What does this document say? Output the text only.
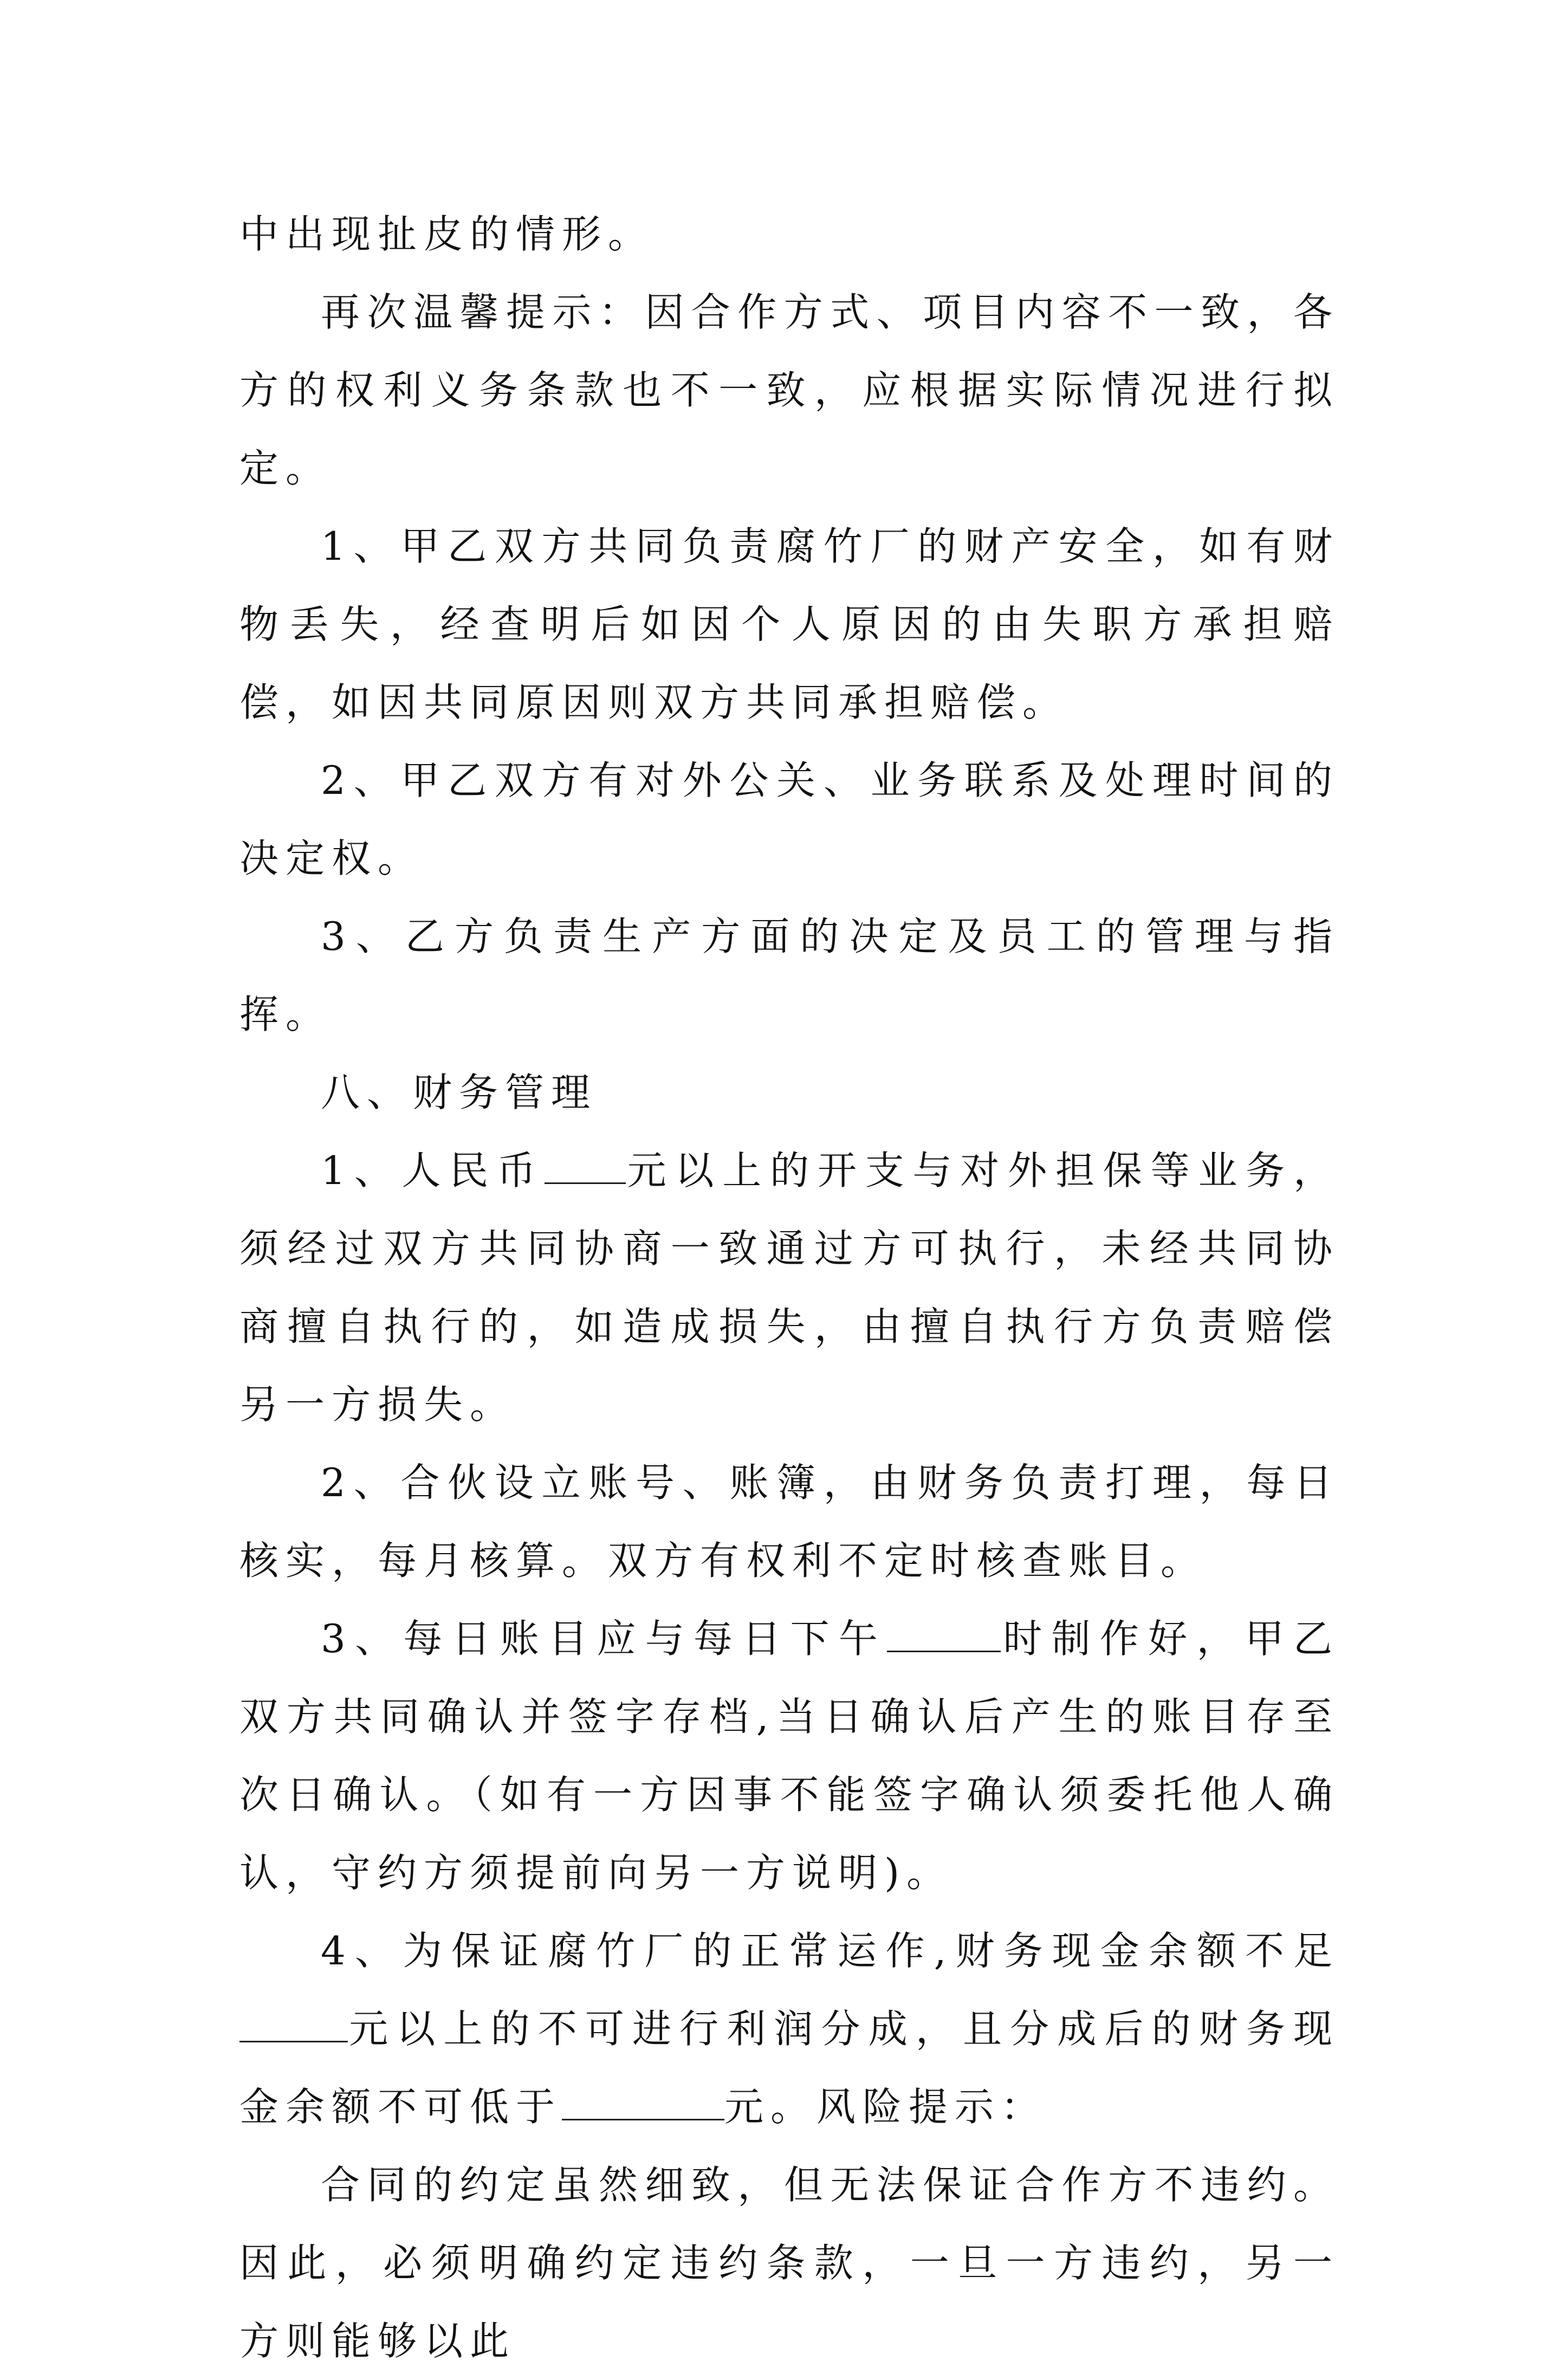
中出现扯皮的情形。

再次温馨提示：因合作方式、项目内容不一致，各方的权利义务条款也不一致，应根据实际情况进行拟定。

1、甲乙双方共同负责腐竹厂的财产安全，如有财物丢失，经查明后如因个人原因的由失职方承担赔偿，如因共同原因则双方共同承担赔偿。

2、甲乙双方有对外公关、业务联系及处理时间的决定权。

3、乙方负责生产方面的决定及员工的管理与指挥。

八、财务管理

1、人民币 元以上的开支与对外担保等业务，须经过双方共同协商一致通过方可执行，未经共同协商擅自执行的，如造成损失，由擅自执行方负责赔偿另一方损失。

2、合伙设立账号、账簿，由财务负责打理，每日核实，每月核算。双方有权利不定时核查账目。

3、每日账目应与每日下午	时制作好，甲乙双方共同确认并签字存档,当日确认后产生的账目存至次日确认。（如有一方因事不能签字确认须委托他人确认，守约方须提前向另一方说明)。

4、为保证腐竹厂的正常运作,财务现金余额不足元以上的不可进行利润分成，且分成后的财务现金余额不可低于	元。风险提示：

合同的约定虽然细致，但无法保证合作方不违约。因此，必须明确约定违约条款，一旦一方违约，另一方则能够以此
